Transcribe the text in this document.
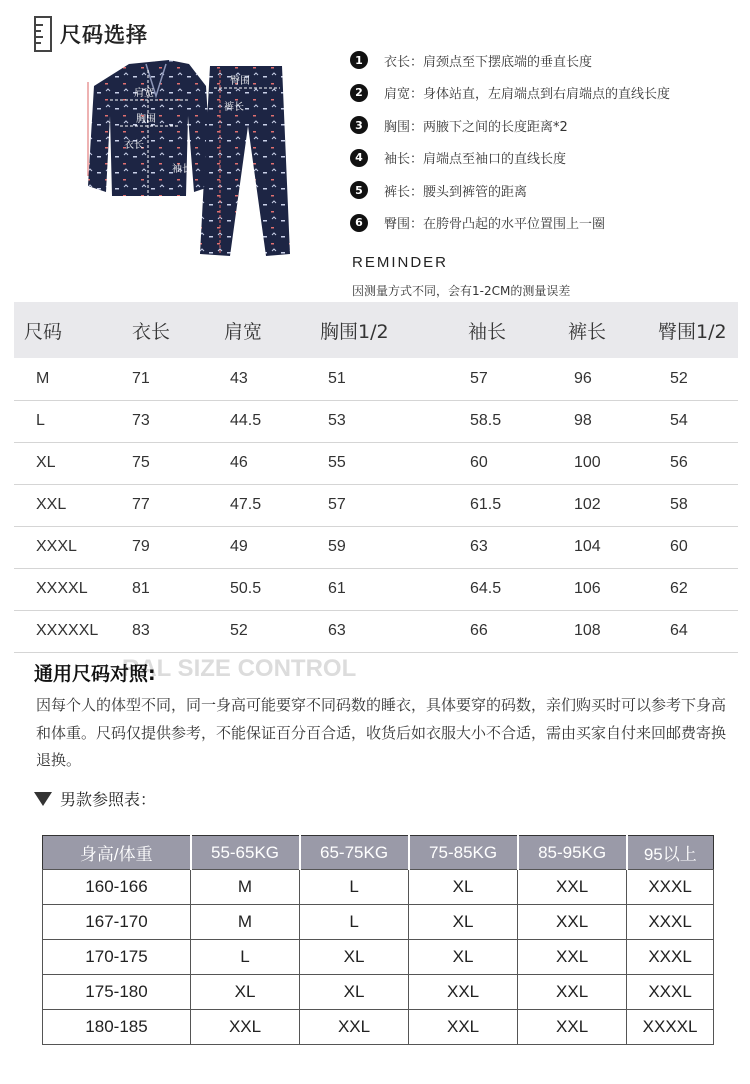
尺码选择
肩宽
胸围
衣长
袖长
臀围
裤长
1	衣长： 肩颈点至下摆底端的垂直长度
2	肩宽： 身体站直，左肩端点到右肩端点的直线长度
3	胸围： 两腋下之间的长度距离*2
4	袖长： 肩端点至袖口的直线长度
5	裤长： 腰头到裤管的距离
6	臀围： 在胯骨凸起的水平位置围上一圈
REMINDER
因测量方式不同，会有1-2CM的测量误差
尺码	衣长	肩宽	胸围1/2	袖长	裤长	臀围1/2
M	71	43	51	57	96	52
L	73	44.5	53	58.5	98	54
XL	75	46	55	60	100	56
XXL	77	47.5	57	61.5	102	58
XXXL	79	49	59	63	104	60
XXXXL	81	50.5	61	64.5	106	62
XXXXXL	83	52	63	66	108	64
RAL SIZE CONTROL
通用尺码对照:
因每个人的体型不同，同一身高可能要穿不同码数的睡衣，具体要穿的码数，亲们购买时可以参考下身高和体重。尺码仅提供参考，不能保证百分百合适，收货后如衣服大小不合适，需由买家自付来回邮费寄换退换。
男款参照表：
身高/体重	55-65KG	65-75KG	75-85KG	85-95KG	95以上
160-166	M	L	XL	XXL	XXXL
167-170	M	L	XL	XXL	XXXL
170-175	L	XL	XL	XXL	XXXL
175-180	XL	XL	XXL	XXL	XXXL
180-185	XXL	XXL	XXL	XXL	XXXXL
